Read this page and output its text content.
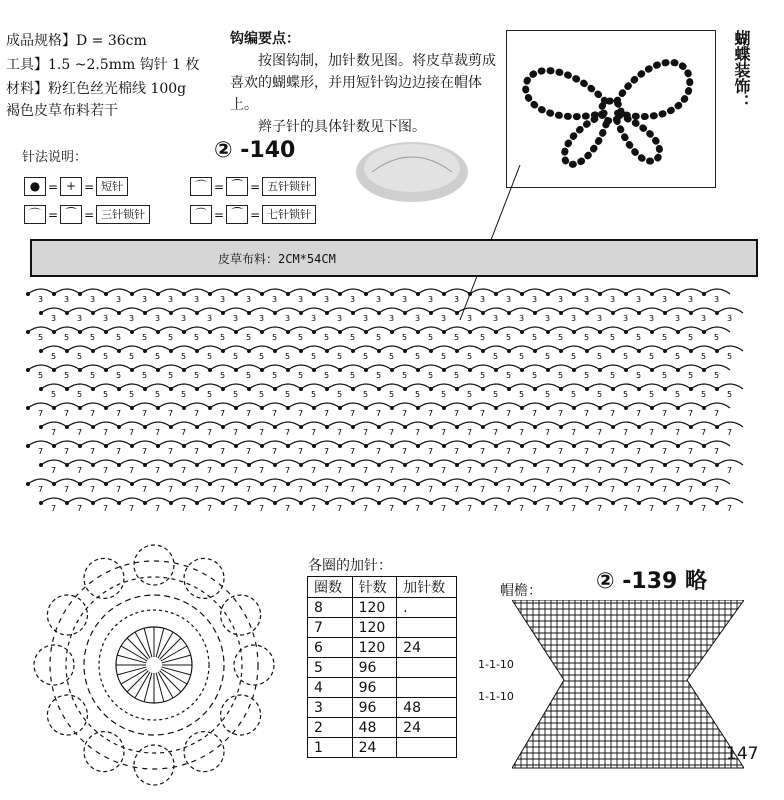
成品规格】D = 36cm
工具】1.5 ~2.5mm 钩针 1 枚
材料】粉红色丝光棉线 100g
褐色皮草布料若干

钩编要点：

按图钩制，加针数见图。将皮草裁剪成喜欢的蝴蝶形，并用短针钩边边接在帽体上。

辫子针的具体针数见下图。

蝴蝶装饰：
针法说明：	② -140
● = + = 短针
⌒ = ⁀ = 三针锁针
⌒ = ⁀ = 五针锁针
⌒ = ⁀ = 七针锁针
皮草布料：2CM*54CM
3	3	3	3	3	3	3	3	3	3	3	3	3	3	3	3	3	3	3	3	3	3	3	3	3	3	3
3	3	3	3	3	3	3	3	3	3	3	3	3	3	3	3	3	3	3	3	3	3	3	3	3	3	3
5	5	5	5	5	5	5	5	5	5	5	5	5	5	5	5	5	5	5	5	5	5	5	5	5	5	5
5	5	5	5	5	5	5	5	5	5	5	5	5	5	5	5	5	5	5	5	5	5	5	5	5	5	5
5	5	5	5	5	5	5	5	5	5	5	5	5	5	5	5	5	5	5	5	5	5	5	5	5	5	5
5	5	5	5	5	5	5	5	5	5	5	5	5	5	5	5	5	5	5	5	5	5	5	5	5	5	5
7	7	7	7	7	7	7	7	7	7	7	7	7	7	7	7	7	7	7	7	7	7	7	7	7	7	7
7	7	7	7	7	7	7	7	7	7	7	7	7	7	7	7	7	7	7	7	7	7	7	7	7	7	7
7	7	7	7	7	7	7	7	7	7	7	7	7	7	7	7	7	7	7	7	7	7	7	7	7	7	7
7	7	7	7	7	7	7	7	7	7	7	7	7	7	7	7	7	7	7	7	7	7	7	7	7	7	7
7	7	7	7	7	7	7	7	7	7	7	7	7	7	7	7	7	7	7	7	7	7	7	7	7	7	7
7	7	7	7	7	7	7	7	7	7	7	7	7	7	7	7	7	7	7	7	7	7	7	7	7	7	7
各圈的加针：
圈数	针数	加针数
8	120	.
7	120	
6	120	24
5	96	
4	96	
3	96	48
2	48	24
1	24	
② -139 略
帽檐：
1-1-10
1-1-10
147
